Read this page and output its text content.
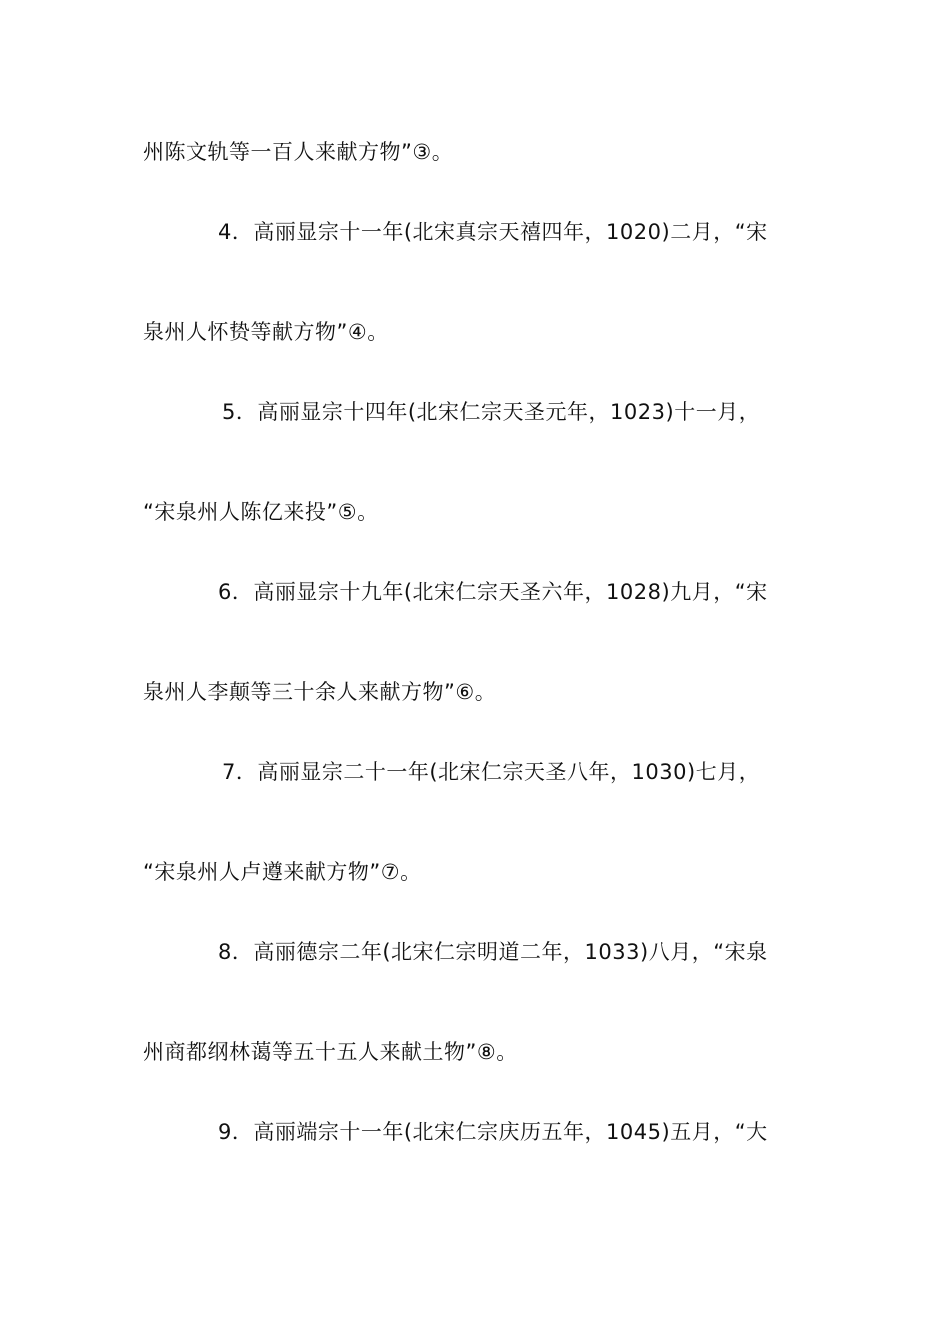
州陈文轨等一百人来献方物”③。
4．高丽显宗十一年(北宋真宗天禧四年，1020)二月，“宋
泉州人怀贽等献方物”④。
5．高丽显宗十四年(北宋仁宗天圣元年，1023)十一月，
“宋泉州人陈亿来投”⑤。
6．高丽显宗十九年(北宋仁宗天圣六年，1028)九月，“宋
泉州人李颠等三十余人来献方物”⑥。
7．高丽显宗二十一年(北宋仁宗天圣八年，1030)七月，
“宋泉州人卢遵来献方物”⑦。
8．高丽德宗二年(北宋仁宗明道二年，1033)八月，“宋泉
州商都纲林蔼等五十五人来献土物”⑧。
9．高丽端宗十一年(北宋仁宗庆历五年，1045)五月，“大
